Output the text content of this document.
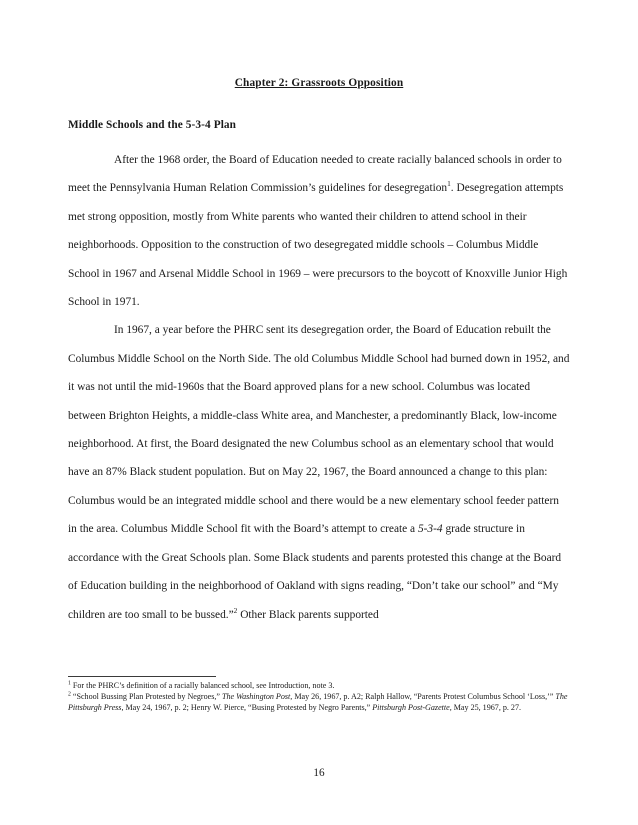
Chapter 2: Grassroots Opposition
Middle Schools and the 5-3-4 Plan

After the 1968 order, the Board of Education needed to create racially balanced schools in order to meet the Pennsylvania Human Relation Commission’s guidelines for desegregation$^1$. Desegregation attempts met strong opposition, mostly from White parents who wanted their children to attend school in their neighborhoods. Opposition to the construction of two desegregated middle schools – Columbus Middle School in 1967 and Arsenal Middle School in 1969 – were precursors to the boycott of Knoxville Junior High School in 1971.

In 1967, a year before the PHRC sent its desegregation order, the Board of Education rebuilt the Columbus Middle School on the North Side. The old Columbus Middle School had burned down in 1952, and it was not until the mid-1960s that the Board approved plans for a new school. Columbus was located between Brighton Heights, a middle-class White area, and Manchester, a predominantly Black, low-income neighborhood. At first, the Board designated the new Columbus school as an elementary school that would have an 87% Black student population. But on May 22, 1967, the Board announced a change to this plan: Columbus would be an integrated middle school and there would be a new elementary school feeder pattern in the area. Columbus Middle School fit with the Board’s attempt to create a 5-3-4 grade structure in accordance with the Great Schools plan. Some Black students and parents protested this change at the Board of Education building in the neighborhood of Oakland with signs reading, “Don’t take our school” and “My children are too small to be bussed.”$^2$ Other Black parents supported

$^1$ For the PHRC’s definition of a racially balanced school, see Introduction, note 3.

$^2$ “School Bussing Plan Protested by Negroes,” The Washington Post, May 26, 1967, p. A2; Ralph Hallow, “Parents Protest Columbus School ‘Loss,’” The Pittsburgh Press, May 24, 1967, p. 2; Henry W. Pierce, “Busing Protested by Negro Parents,” Pittsburgh Post-Gazette, May 25, 1967, p. 27.

16
